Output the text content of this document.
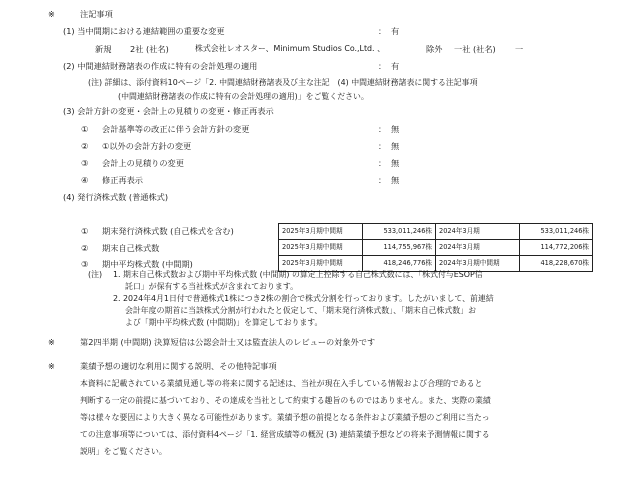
※	注記事項
(1) 当中間期における連結範囲の重要な変更	： 有
新規 2社 (社名)	株式会社レオスター、Minimum Studios Co.,Ltd. 、	除外 一社 (社名) 一
(2) 中間連結財務諸表の作成に特有の会計処理の適用	： 有
(注) 詳細は、添付資料10ページ「2. 中間連結財務諸表及び主な注記　(4) 中間連結財務諸表に関する注記事項
(中間連結財務諸表の作成に特有の会計処理の適用)」をご覧ください。
(3) 会計方針の変更・会計上の見積りの変更・修正再表示
① 会計基準等の改正に伴う会計方針の変更	： 無
② ①以外の会計方針の変更	： 無
③ 会計上の見積りの変更	： 無
④ 修正再表示	： 無
(4) 発行済株式数 (普通株式)
① 期末発行済株式数 (自己株式を含む)
② 期末自己株式数
③ 期中平均株式数 (中間期)
2025年3月期中間期	533,011,246株	2024年3月期	533,011,246株
2025年3月期中間期	114,755,967株	2024年3月期	114,772,206株
2025年3月期中間期	418,246,776株	2024年3月期中間期	418,228,670株
(注) 1. 期末自己株式数および期中平均株式数 (中間期) の算定上控除する自己株式数には、「株式付与ESOP信
託口」が保有する当社株式が含まれております。
2. 2024年4月1日付で普通株式1株につき2株の割合で株式分割を行っております。したがいまして、前連結
会計年度の期首に当該株式分割が行われたと仮定して、「期末発行済株式数」、「期末自己株式数」お
よび「期中平均株式数 (中間期)」を算定しております。
※	第2四半期 (中間期) 決算短信は公認会計士又は監査法人のレビューの対象外です
※	業績予想の適切な利用に関する説明、その他特記事項
本資料に記載されている業績見通し等の将来に関する記述は、当社が現在入手している情報および合理的であると
判断する一定の前提に基づいており、その達成を当社として約束する趣旨のものではありません。また、実際の業績
等は様々な要因により大きく異なる可能性があります。業績予想の前提となる条件および業績予想のご利用に当たっ
ての注意事項等については、添付資料4ページ「1. 経営成績等の概況 (3) 連結業績予想などの将来予測情報に関する
説明」をご覧ください。
